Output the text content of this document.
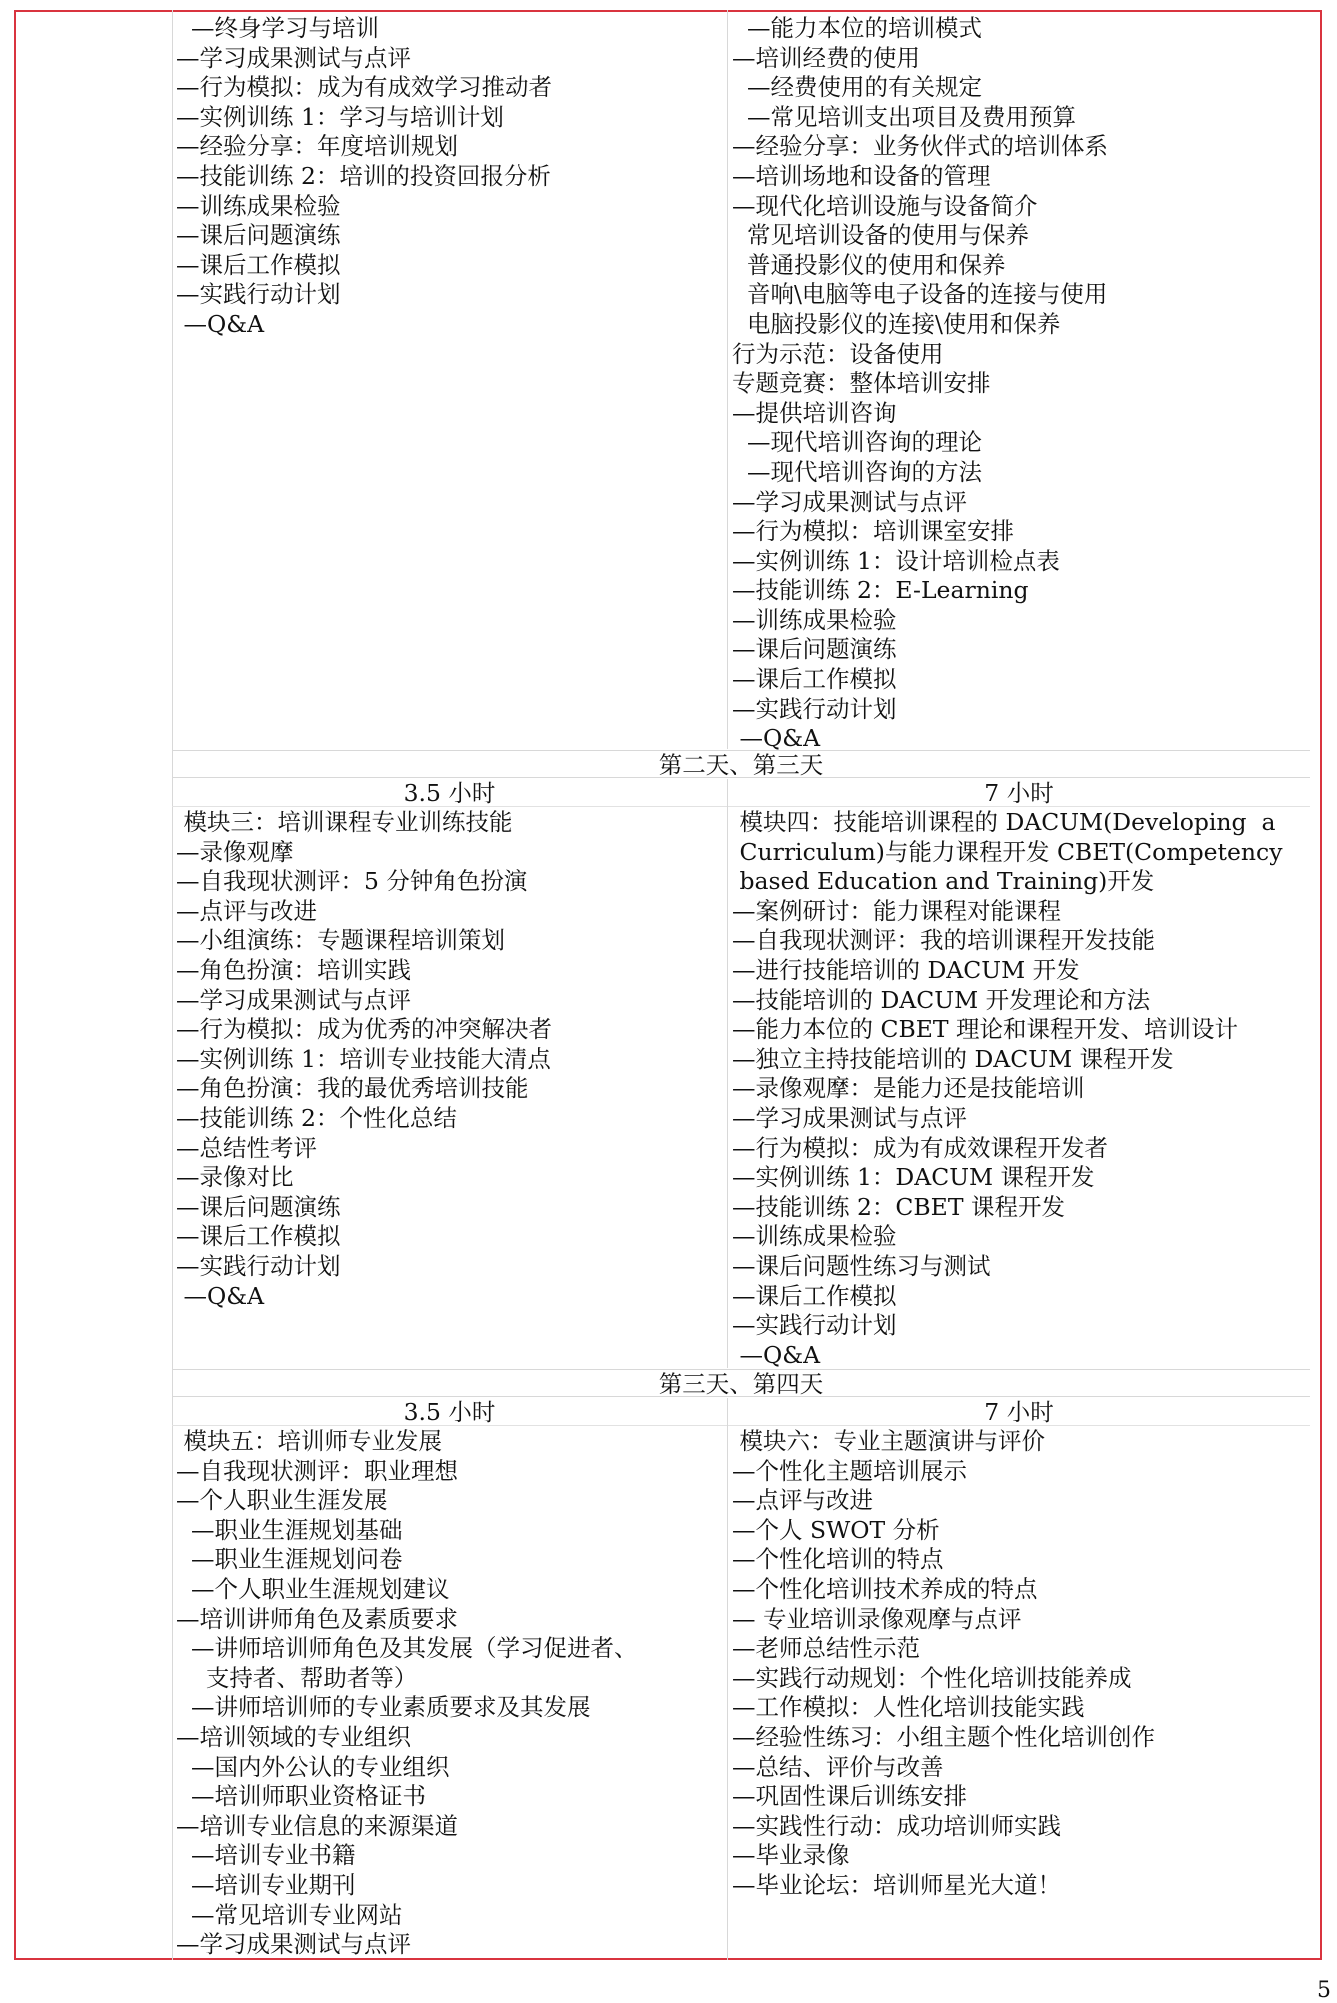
—终身学习与培训
—学习成果测试与点评
—行为模拟：成为有成效学习推动者
—实例训练 1：学习与培训计划
—经验分享：年度培训规划
—技能训练 2：培训的投资回报分析
—训练成果检验
—课后问题演练
—课后工作模拟
—实践行动计划
—Q&A
—能力本位的培训模式
—培训经费的使用
—经费使用的有关规定
—常见培训支出项目及费用预算
—经验分享：业务伙伴式的培训体系
—培训场地和设备的管理
—现代化培训设施与设备简介
常见培训设备的使用与保养
普通投影仪的使用和保养
音响\电脑等电子设备的连接与使用
电脑投影仪的连接\使用和保养
行为示范：设备使用
专题竞赛：整体培训安排
—提供培训咨询
—现代培训咨询的理论
—现代培训咨询的方法
—学习成果测试与点评
—行为模拟：培训课室安排
—实例训练 1：设计培训检点表
—技能训练 2：E-Learning
—训练成果检验
—课后问题演练
—课后工作模拟
—实践行动计划
—Q&A
第二天、第三天
3.5 小时	7 小时
模块三：培训课程专业训练技能
—录像观摩
—自我现状测评：5 分钟角色扮演
—点评与改进
—小组演练：专题课程培训策划
—角色扮演：培训实践
—学习成果测试与点评
—行为模拟：成为优秀的冲突解决者
—实例训练 1：培训专业技能大清点
—角色扮演：我的最优秀培训技能
—技能训练 2：个性化总结
—总结性考评
—录像对比
—课后问题演练
—课后工作模拟
—实践行动计划
—Q&A
模块四：技能培训课程的 DACUM(Developing  a
Curriculum)与能力课程开发 CBET(Competency
based Education and Training)开发
—案例研讨：能力课程对能课程
—自我现状测评：我的培训课程开发技能
—进行技能培训的 DACUM 开发
—技能培训的 DACUM 开发理论和方法
—能力本位的 CBET 理论和课程开发、培训设计
—独立主持技能培训的 DACUM 课程开发
—录像观摩：是能力还是技能培训
—学习成果测试与点评
—行为模拟：成为有成效课程开发者
—实例训练 1：DACUM 课程开发
—技能训练 2：CBET 课程开发
—训练成果检验
—课后问题性练习与测试
—课后工作模拟
—实践行动计划
—Q&A
第三天、第四天
3.5 小时	7 小时
模块五：培训师专业发展
—自我现状测评：职业理想
—个人职业生涯发展
—职业生涯规划基础
—职业生涯规划问卷
—个人职业生涯规划建议
—培训讲师角色及素质要求
—讲师培训师角色及其发展（学习促进者、
支持者、帮助者等）
—讲师培训师的专业素质要求及其发展
—培训领域的专业组织
—国内外公认的专业组织
—培训师职业资格证书
—培训专业信息的来源渠道
—培训专业书籍
—培训专业期刊
—常见培训专业网站
—学习成果测试与点评
模块六：专业主题演讲与评价
—个性化主题培训展示
—点评与改进
—个人 SWOT 分析
—个性化培训的特点
—个性化培训技术养成的特点
— 专业培训录像观摩与点评
—老师总结性示范
—实践行动规划：个性化培训技能养成
—工作模拟：人性化培训技能实践
—经验性练习：小组主题个性化培训创作
—总结、评价与改善
—巩固性课后训练安排
—实践性行动：成功培训师实践
—毕业录像
—毕业论坛：培训师星光大道！
5
